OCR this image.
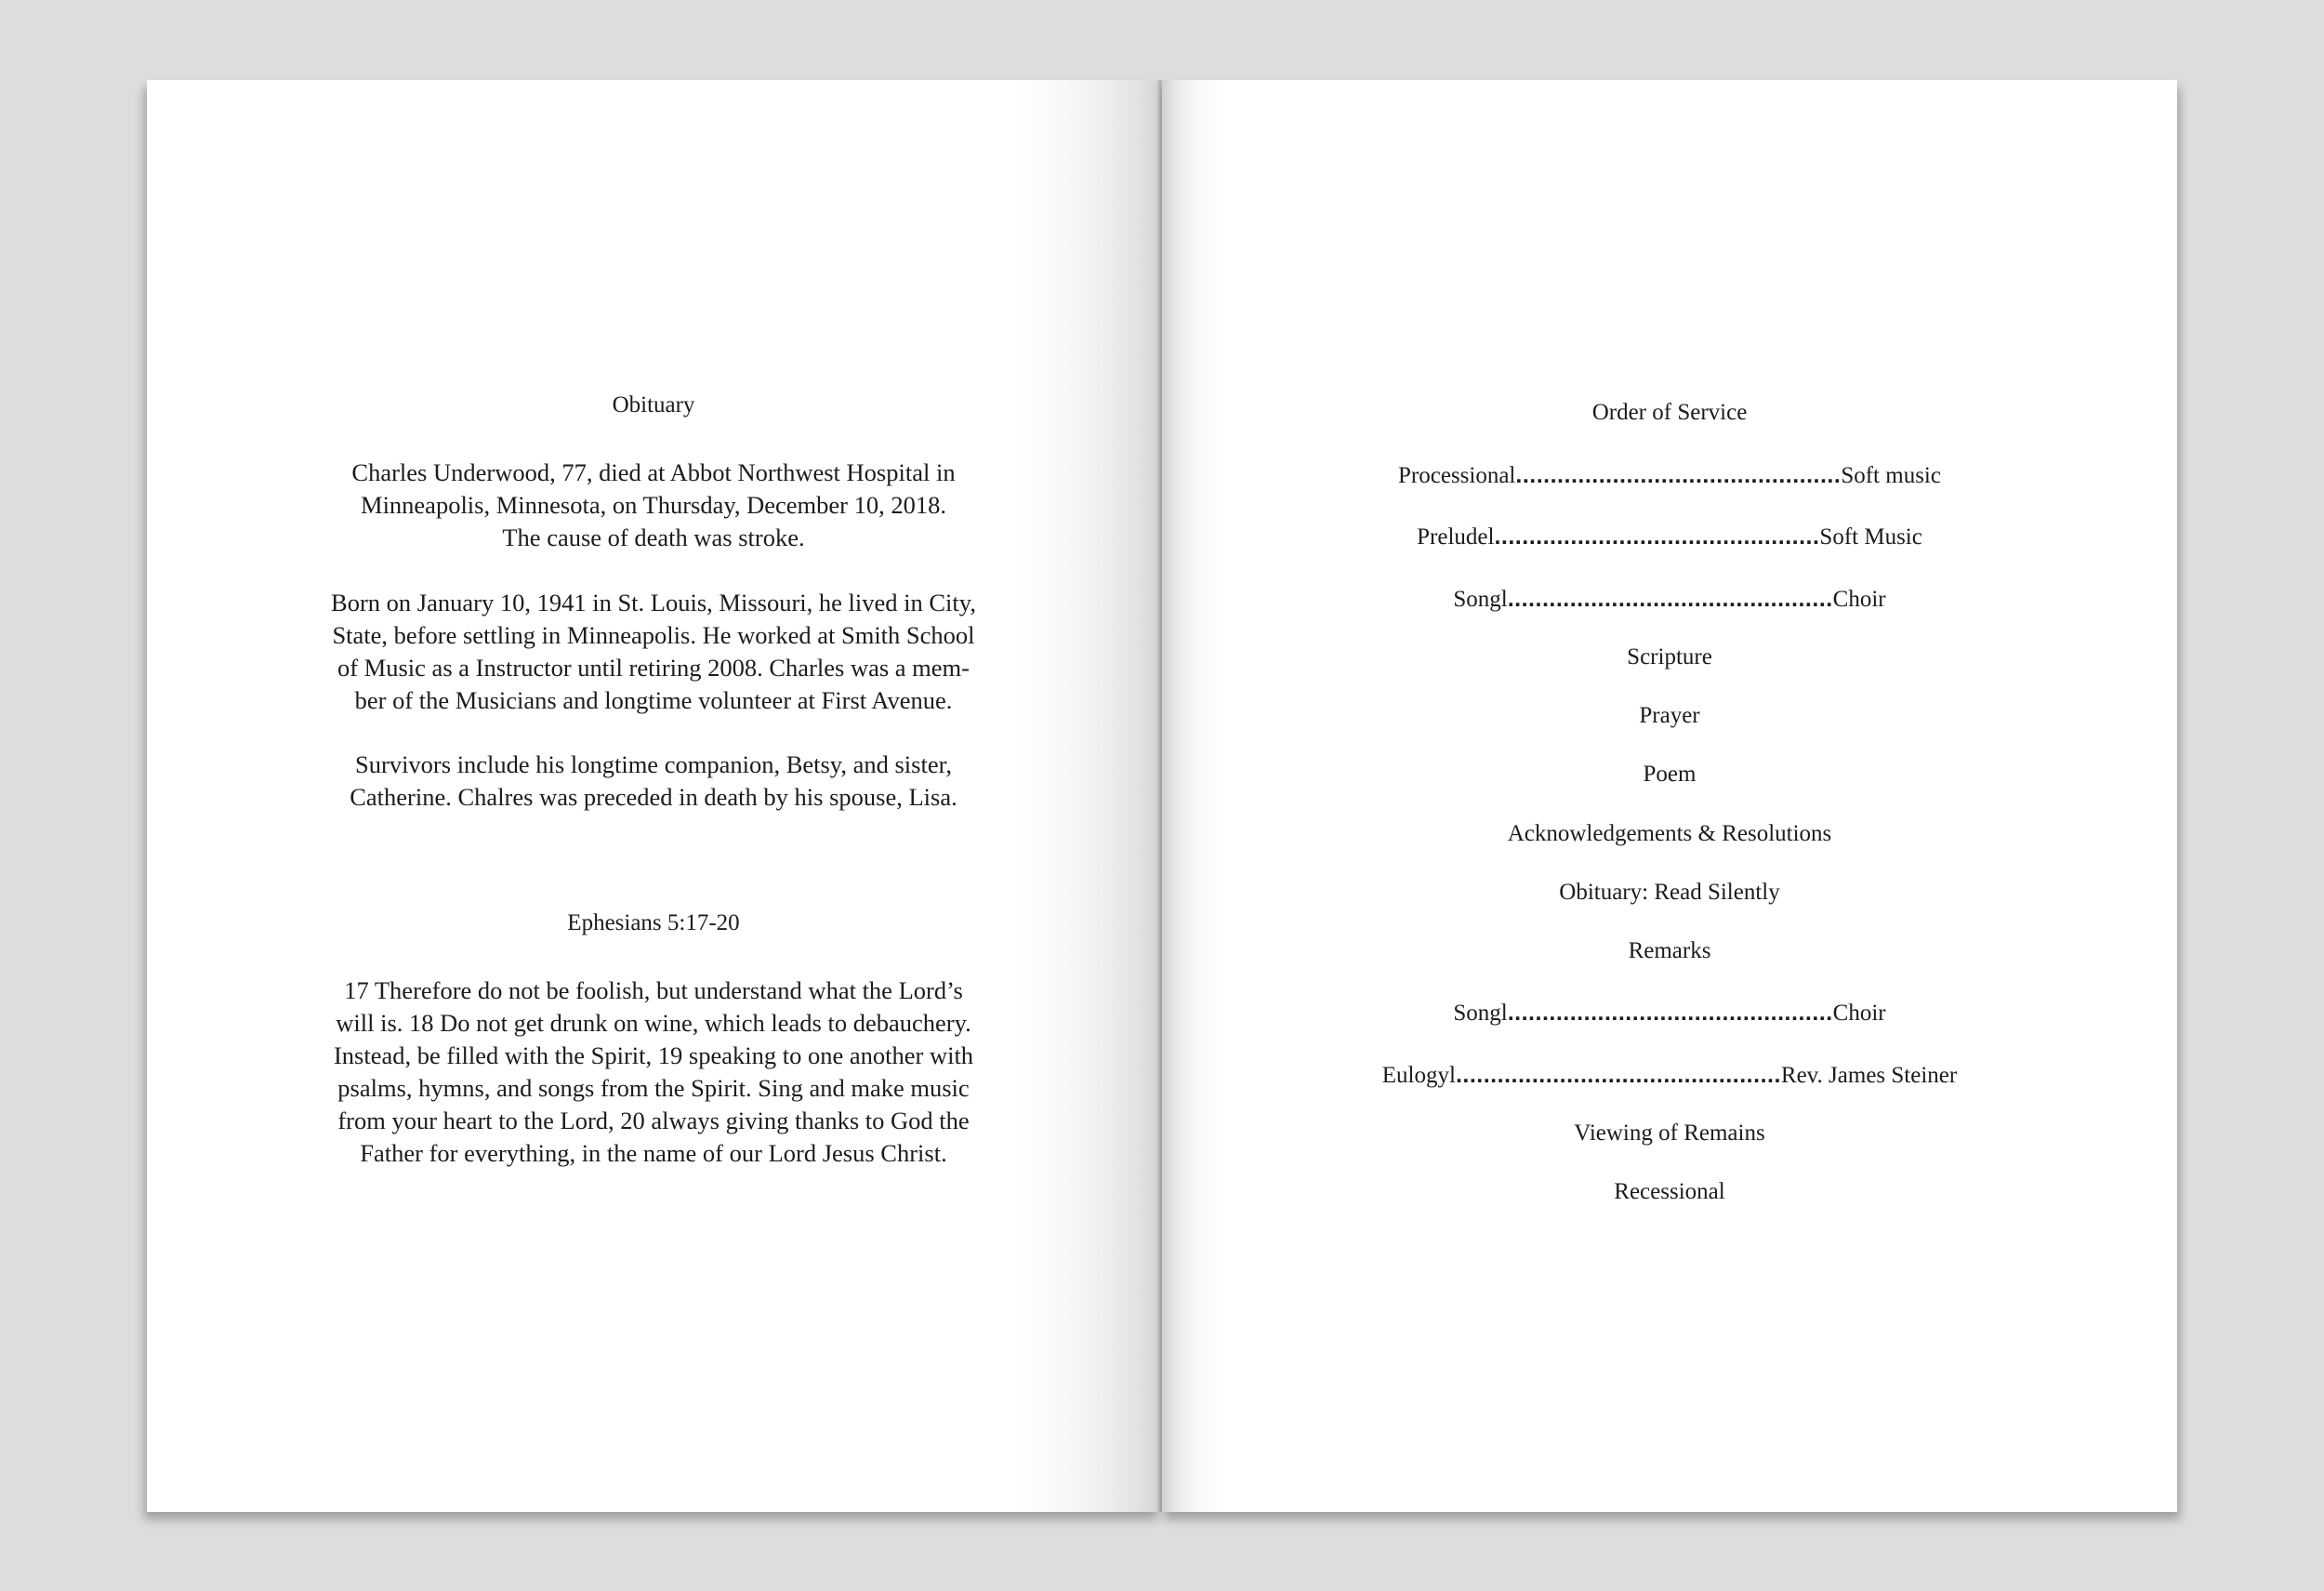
Obituary
Charles Underwood, 77, died at Abbot Northwest Hospital in
Minneapolis, Minnesota, on Thursday, December 10, 2018.
The cause of death was stroke.
Born on January 10, 1941 in St. Louis, Missouri, he lived in City,
State, before settling in Minneapolis. He worked at Smith School
of Music as a Instructor until retiring 2008. Charles was a mem-
ber of the Musicians and longtime volunteer at First Avenue.
Survivors include his longtime companion, Betsy, and sister,
Catherine. Chalres was preceded in death by his spouse, Lisa.
Ephesians 5:17-20
17 Therefore do not be foolish, but understand what the Lord’s
will is. 18 Do not get drunk on wine, which leads to debauchery.
Instead, be filled with the Spirit, 19 speaking to one another with
psalms, hymns, and songs from the Spirit. Sing and make music
from your heart to the Lord, 20 always giving thanks to God the
Father for everything, in the name of our Lord Jesus Christ.
Order of Service
Processional...............................................Soft music
Preludel...............................................Soft Music
Songl...............................................Choir
Scripture
Prayer
Poem
Acknowledgements & Resolutions
Obituary: Read Silently
Remarks
Songl...............................................Choir
Eulogyl...............................................Rev. James Steiner
Viewing of Remains
Recessional
